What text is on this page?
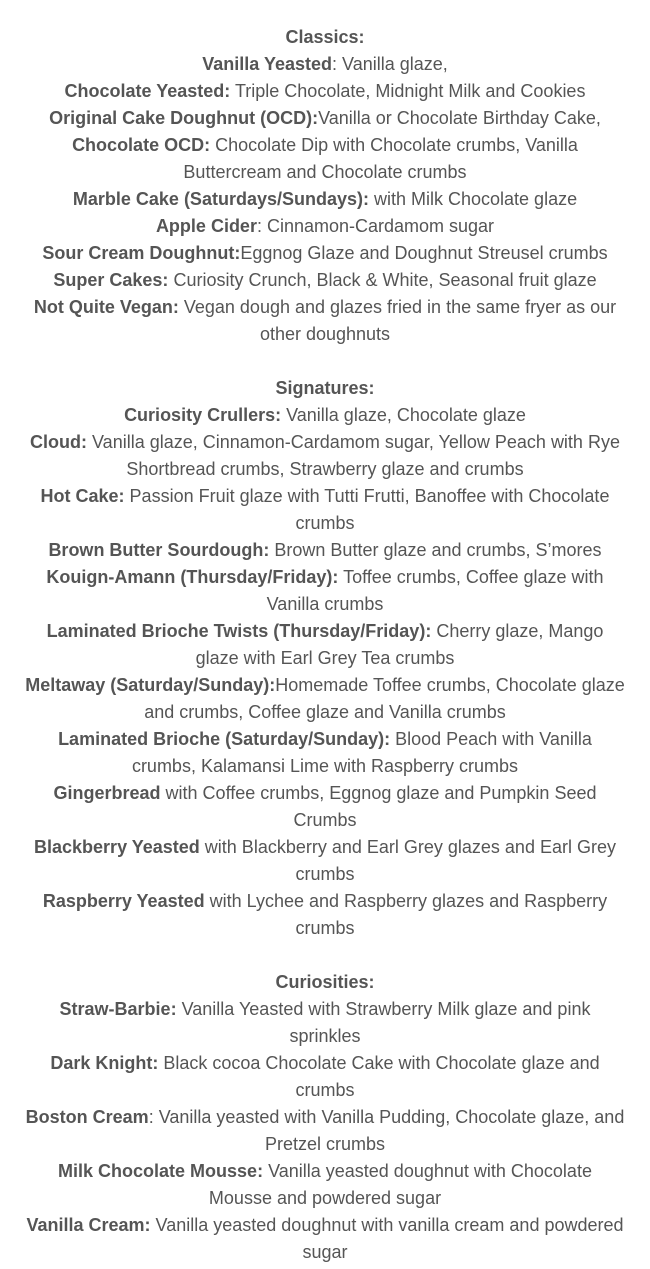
Classics:
Vanilla Yeasted: Vanilla glaze,
Chocolate Yeasted: Triple Chocolate, Midnight Milk and Cookies
Original Cake Doughnut (OCD):Vanilla or Chocolate Birthday Cake,
Chocolate OCD: Chocolate Dip with Chocolate crumbs, Vanilla Buttercream and Chocolate crumbs
Marble Cake (Saturdays/Sundays): with Milk Chocolate glaze
Apple Cider: Cinnamon-Cardamom sugar
Sour Cream Doughnut:Eggnog Glaze and Doughnut Streusel crumbs
Super Cakes: Curiosity Crunch, Black & White, Seasonal fruit glaze
Not Quite Vegan: Vegan dough and glazes fried in the same fryer as our other doughnuts
Signatures:
Curiosity Crullers: Vanilla glaze, Chocolate glaze
Cloud: Vanilla glaze, Cinnamon-Cardamom sugar, Yellow Peach with Rye Shortbread crumbs, Strawberry glaze and crumbs
Hot Cake: Passion Fruit glaze with Tutti Frutti, Banoffee with Chocolate crumbs
Brown Butter Sourdough: Brown Butter glaze and crumbs, S’mores
Kouign-Amann (Thursday/Friday): Toffee crumbs, Coffee glaze with Vanilla crumbs
Laminated Brioche Twists (Thursday/Friday): Cherry glaze, Mango glaze with Earl Grey Tea crumbs
Meltaway (Saturday/Sunday):Homemade Toffee crumbs, Chocolate glaze and crumbs, Coffee glaze and Vanilla crumbs
Laminated Brioche (Saturday/Sunday): Blood Peach with Vanilla crumbs, Kalamansi Lime with Raspberry crumbs
Gingerbread with Coffee crumbs, Eggnog glaze and Pumpkin Seed Crumbs
Blackberry Yeasted with Blackberry and Earl Grey glazes and Earl Grey crumbs
Raspberry Yeasted with Lychee and Raspberry glazes and Raspberry crumbs
Curiosities:
Straw-Barbie: Vanilla Yeasted with Strawberry Milk glaze and pink sprinkles
Dark Knight: Black cocoa Chocolate Cake with Chocolate glaze and crumbs
Boston Cream: Vanilla yeasted with Vanilla Pudding, Chocolate glaze, and Pretzel crumbs
Milk Chocolate Mousse: Vanilla yeasted doughnut with Chocolate Mousse and powdered sugar
Vanilla Cream: Vanilla yeasted doughnut with vanilla cream and powdered sugar
